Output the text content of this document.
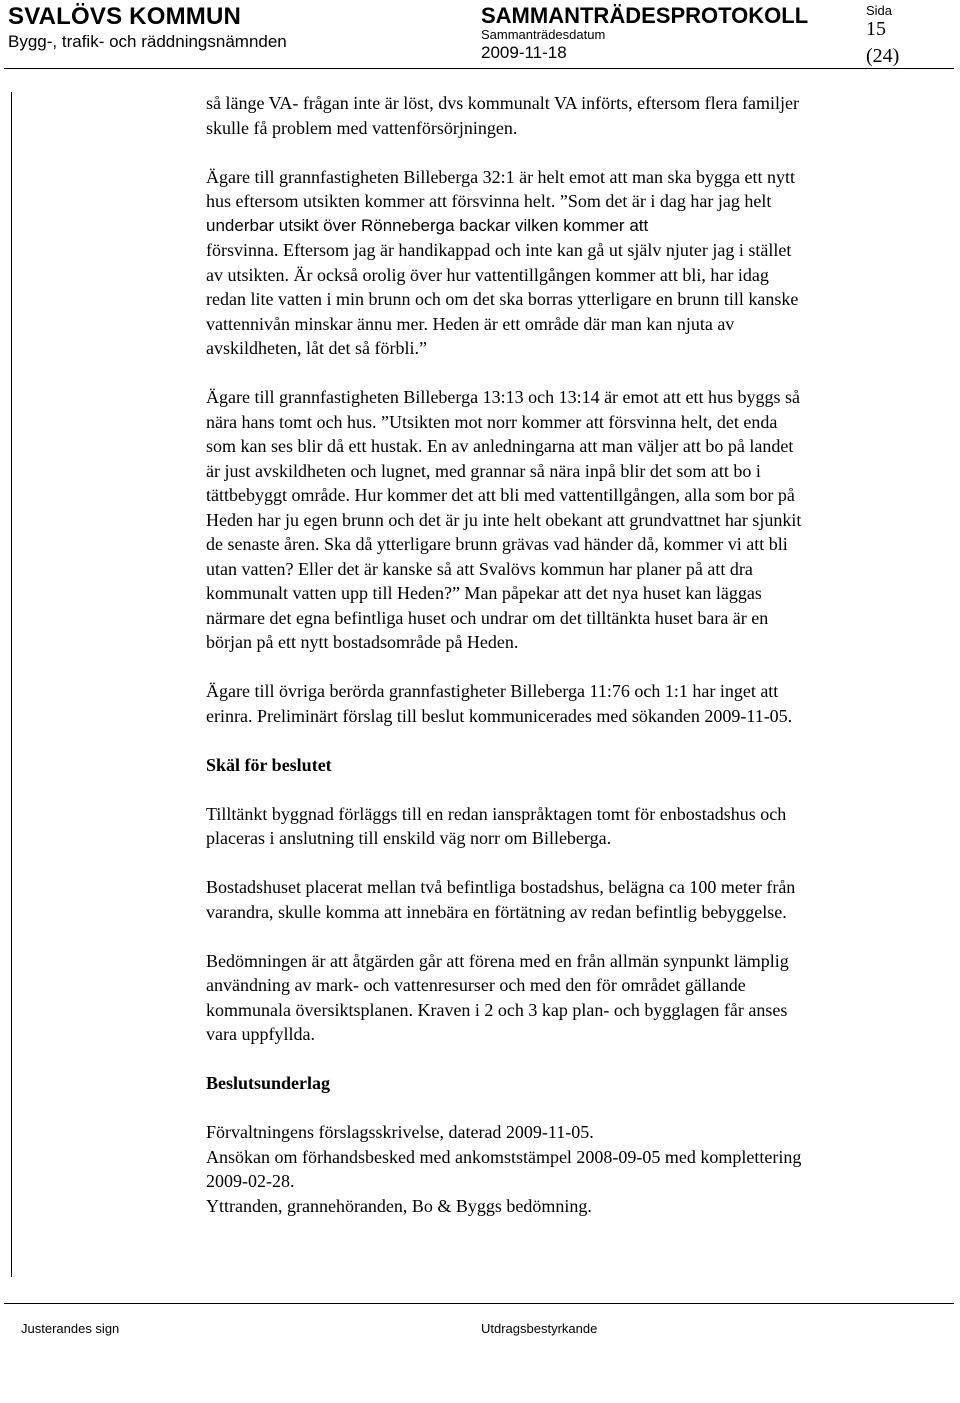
SVALÖVS KOMMUN
Bygg-, trafik- och räddningsnämnden
SAMMANTRÄDESPROTOKOLL
Sammanträdesdatum
2009-11-18
Sida
15
(24)

så länge VA- frågan inte är löst, dvs kommunalt VA införts, eftersom flera familjer

skulle få problem med vattenförsörjningen.

Ägare till grannfastigheten Billeberga 32:1 är helt emot att man ska bygga ett nytt

hus eftersom utsikten kommer att försvinna helt. ”Som det är i dag har jag helt

underbar utsikt över Rönneberga backar vilken kommer att

försvinna. Eftersom jag är handikappad och inte kan gå ut själv njuter jag i stället

av utsikten. Är också orolig över hur vattentillgången kommer att bli, har idag

redan lite vatten i min brunn och om det ska borras ytterligare en brunn till kanske

vattennivån minskar ännu mer. Heden är ett område där man kan njuta av

avskildheten, låt det så förbli.”

Ägare till grannfastigheten Billeberga 13:13 och 13:14 är emot att ett hus byggs så

nära hans tomt och hus. ”Utsikten mot norr kommer att försvinna helt, det enda

som kan ses blir då ett hustak. En av anledningarna att man väljer att bo på landet

är just avskildheten och lugnet, med grannar så nära inpå blir det som att bo i

tättbebyggt område. Hur kommer det att bli med vattentillgången, alla som bor på

Heden har ju egen brunn och det är ju inte helt obekant att grundvattnet har sjunkit

de senaste åren. Ska då ytterligare brunn grävas vad händer då, kommer vi att bli

utan vatten? Eller det är kanske så att Svalövs kommun har planer på att dra

kommunalt vatten upp till Heden?” Man påpekar att det nya huset kan läggas

närmare det egna befintliga huset och undrar om det tilltänkta huset bara är en

början på ett nytt bostadsområde på Heden.

Ägare till övriga berörda grannfastigheter Billeberga 11:76 och 1:1 har inget att

erinra. Preliminärt förslag till beslut kommunicerades med sökanden 2009-11-05.

Skäl för beslutet

Tilltänkt byggnad förläggs till en redan ianspråktagen tomt för enbostadshus och

placeras i anslutning till enskild väg norr om Billeberga.

Bostadshuset placerat mellan två befintliga bostadshus, belägna ca 100 meter från

varandra, skulle komma att innebära en förtätning av redan befintlig bebyggelse.

Bedömningen är att åtgärden går att förena med en från allmän synpunkt lämplig

användning av mark- och vattenresurser och med den för området gällande

kommunala översiktsplanen. Kraven i 2 och 3 kap plan- och bygglagen får anses

vara uppfyllda.

Beslutsunderlag

Förvaltningens förslagsskrivelse, daterad 2009-11-05.

Ansökan om förhandsbesked med ankomststämpel 2008-09-05 med komplettering

2009-02-28.

Yttranden, grannehöranden, Bo & Byggs bedömning.

Justerandes sign	Utdragsbestyrkande
